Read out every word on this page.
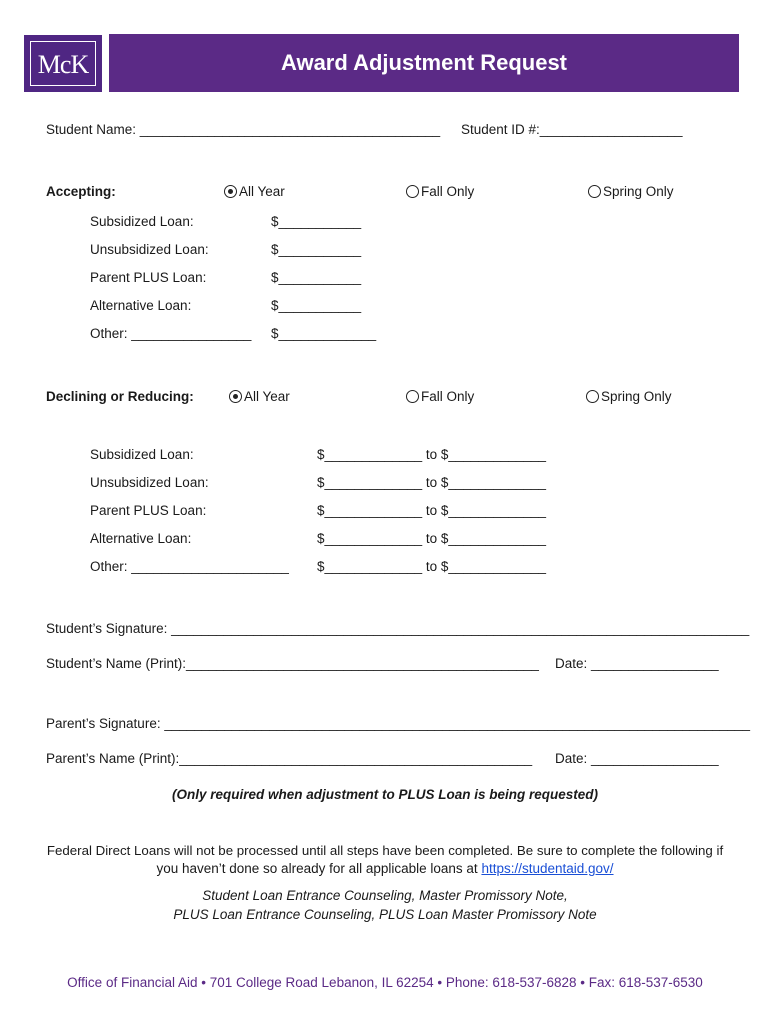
McK	Award Adjustment Request
Student Name: ________________________________________ Student ID #:___________________
Accepting:	All Year	Fall Only	Spring Only
Subsidized Loan:	$___________
Unsubsidized Loan:	$___________
Parent PLUS Loan:	$___________
Alternative Loan:	$___________
Other: ________________ $_____________
Declining or Reducing:	All Year	Fall Only	Spring Only
Subsidized Loan:	$_____________ to $_____________
Unsubsidized Loan:	$_____________ to $_____________
Parent PLUS Loan:	$_____________ to $_____________
Alternative Loan:	$_____________ to $_____________
Other: _____________________ $_____________ to $_____________
Student’s Signature: _____________________________________________________________________________
Student’s Name (Print):_______________________________________________ Date: _________________
Parent’s Signature: ______________________________________________________________________________
Parent’s Name (Print):_______________________________________________ Date: _________________
(Only required when adjustment to PLUS Loan is being requested)
Federal Direct Loans will not be processed until all steps have been completed. Be sure to complete the following if
you haven’t done so already for all applicable loans at https://studentaid.gov/
Student Loan Entrance Counseling, Master Promissory Note,
PLUS Loan Entrance Counseling, PLUS Loan Master Promissory Note
Office of Financial Aid • 701 College Road Lebanon, IL 62254 • Phone: 618-537-6828 • Fax: 618-537-6530
